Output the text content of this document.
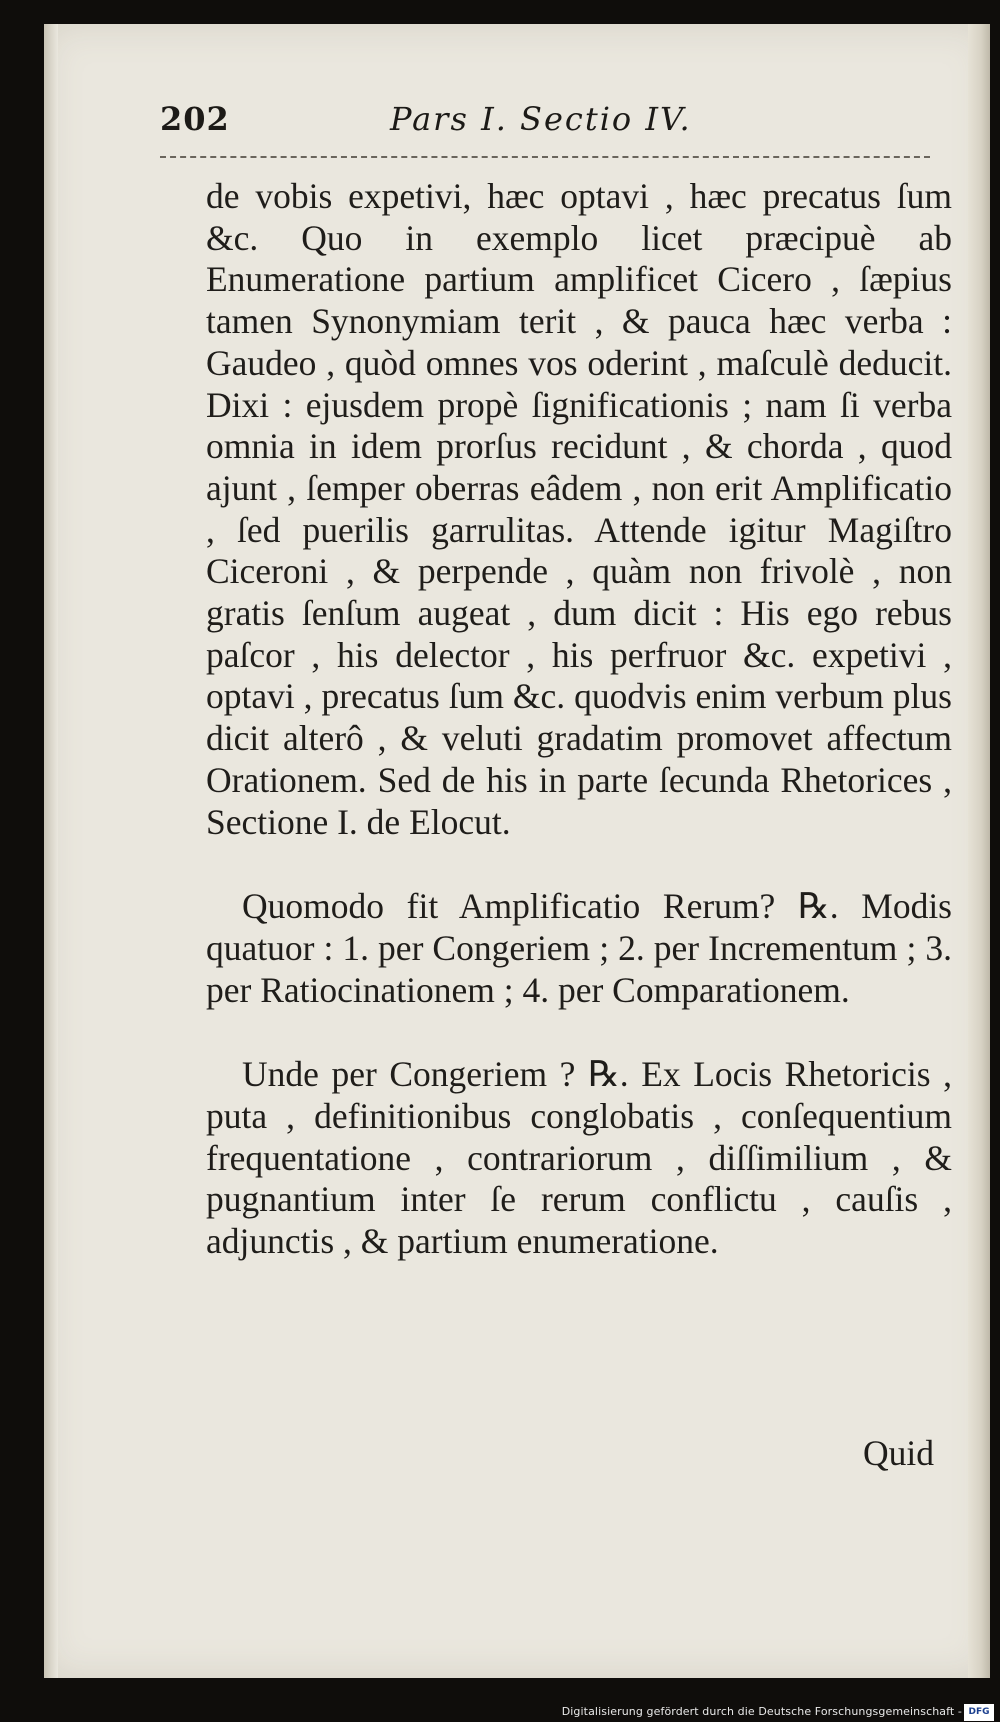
202	Pars I. Sectio IV.

de vobis expetivi, hæc optavi , hæc precatus ſum &c. Quo in exemplo licet præcipuè ab Enumeratione partium amplificet Cicero , ſæpius tamen Synonymiam terit , & pauca hæc verba : Gaudeo , quòd omnes vos oderint , maſculè deducit. Dixi : ejusdem propè ſignificationis ; nam ſi verba omnia in idem prorſus recidunt , & chorda , quod ajunt , ſemper oberras eâdem , non erit Amplificatio , ſed puerilis garrulitas. Attende igitur Magiſtro Ciceroni , & perpende , quàm non frivolè , non gratis ſenſum augeat , dum dicit : His ego rebus paſcor , his delector , his perfruor &c. expetivi , optavi , precatus ſum &c. quodvis enim verbum plus dicit alterô , & veluti gradatim promovet affectum Orationem. Sed de his in parte ſecunda Rhetorices , Sectione I. de Elocut.

Quomodo fit Amplificatio Rerum? ℞. Modis quatuor : 1. per Congeriem ; 2. per Incrementum ; 3. per Ratiocinationem ; 4. per Comparationem.

Unde per Congeriem ? ℞. Ex Locis Rhetoricis , puta , definitionibus conglobatis , conſequentium frequentatione , contrariorum , diſſimilium , & pugnantium inter ſe rerum conflictu , cauſis , adjunctis , & partium enumeratione.

Quid
Digitalisierung gefördert durch die Deutsche Forschungsgemeinschaft - DFG
